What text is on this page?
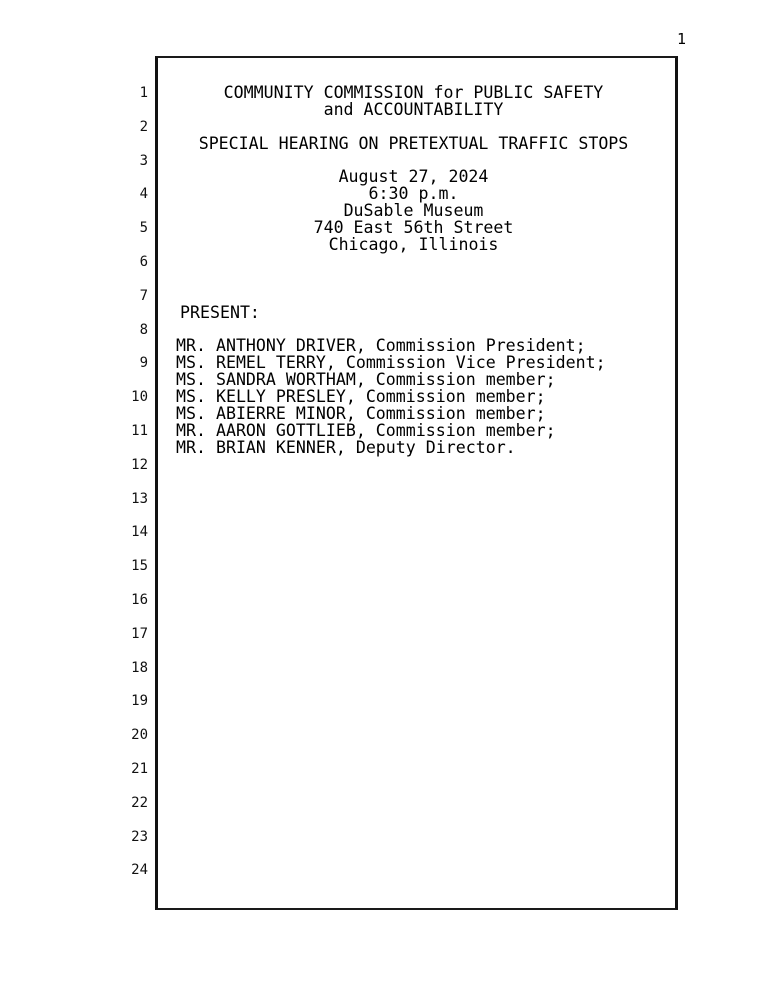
1
1
2
3
4
5
6
7
8
9
10
11
12
13
14
15
16
17
18
19
20
21
22
23
24
COMMUNITY COMMISSION for PUBLIC SAFETY
and ACCOUNTABILITY
SPECIAL HEARING ON PRETEXTUAL TRAFFIC STOPS
August 27, 2024
6:30 p.m.
DuSable Museum
740 East 56th Street
Chicago, Illinois
PRESENT:
MR. ANTHONY DRIVER, Commission President;
MS. REMEL TERRY, Commission Vice President;
MS. SANDRA WORTHAM, Commission member;
MS. KELLY PRESLEY, Commission member;
MS. ABIERRE MINOR, Commission member;
MR. AARON GOTTLIEB, Commission member;
MR. BRIAN KENNER, Deputy Director.
